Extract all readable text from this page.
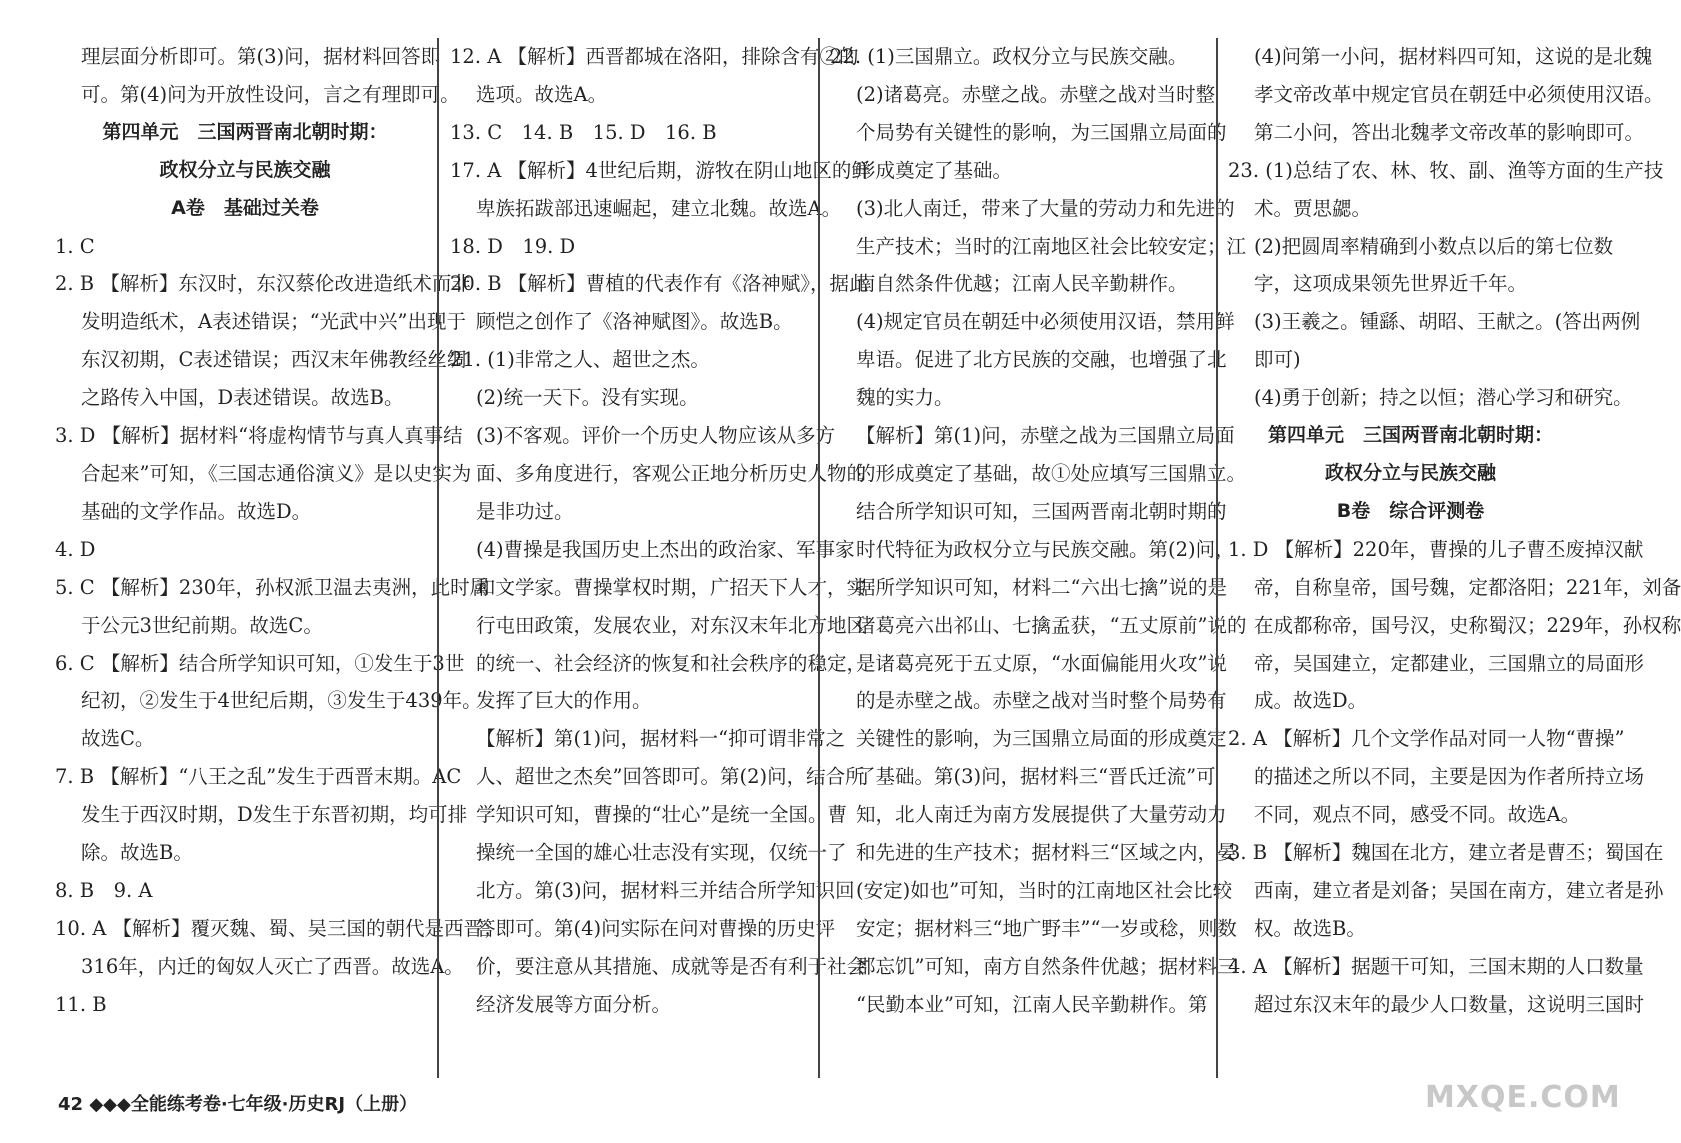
理层面分析即可。第(3)问，据材料回答即
可。第(4)问为开放性设问，言之有理即可。
第四单元　三国两晋南北朝时期：
政权分立与民族交融
A卷　基础过关卷
1. C
2. B 【解析】东汉时，东汉蔡伦改进造纸术而非
发明造纸术，A表述错误；“光武中兴”出现于
东汉初期，C表述错误；西汉末年佛教经丝绸
之路传入中国，D表述错误。故选B。
3. D 【解析】据材料“将虚构情节与真人真事结
合起来”可知，《三国志通俗演义》是以史实为
基础的文学作品。故选D。
4. D
5. C 【解析】230年，孙权派卫温去夷洲，此时属
于公元3世纪前期。故选C。
6. C 【解析】结合所学知识可知，①发生于3世
纪初，②发生于4世纪后期，③发生于439年。
故选C。
7. B 【解析】“八王之乱”发生于西晋末期。AC
发生于西汉时期，D发生于东晋初期，均可排
除。故选B。
8. B　9. A
10. A 【解析】覆灭魏、蜀、吴三国的朝代是西晋；
316年，内迁的匈奴人灭亡了西晋。故选A。
11. B
12. A 【解析】西晋都城在洛阳，排除含有②的
选项。故选A。
13. C　14. B　15. D　16. B
17. A 【解析】4世纪后期，游牧在阴山地区的鲜
卑族拓跋部迅速崛起，建立北魏。故选A。
18. D　19. D
20. B 【解析】曹植的代表作有《洛神赋》，据此
顾恺之创作了《洛神赋图》。故选B。
21. (1)非常之人、超世之杰。
(2)统一天下。没有实现。
(3)不客观。评价一个历史人物应该从多方
面、多角度进行，客观公正地分析历史人物的
是非功过。
(4)曹操是我国历史上杰出的政治家、军事家
和文学家。曹操掌权时期，广招天下人才，实
行屯田政策，发展农业，对东汉末年北方地区
的统一、社会经济的恢复和社会秩序的稳定，
发挥了巨大的作用。
【解析】第(1)问，据材料一“抑可谓非常之
人、超世之杰矣”回答即可。第(2)问，结合所
学知识可知，曹操的“壮心”是统一全国。曹
操统一全国的雄心壮志没有实现，仅统一了
北方。第(3)问，据材料三并结合所学知识回
答即可。第(4)问实际在问对曹操的历史评
价，要注意从其措施、成就等是否有利于社会
经济发展等方面分析。
22. (1)三国鼎立。政权分立与民族交融。
(2)诸葛亮。赤壁之战。赤壁之战对当时整
个局势有关键性的影响，为三国鼎立局面的
形成奠定了基础。
(3)北人南迁，带来了大量的劳动力和先进的
生产技术；当时的江南地区社会比较安定；江
南自然条件优越；江南人民辛勤耕作。
(4)规定官员在朝廷中必须使用汉语，禁用鲜
卑语。促进了北方民族的交融，也增强了北
魏的实力。
【解析】第(1)问，赤壁之战为三国鼎立局面
的形成奠定了基础，故①处应填写三国鼎立。
结合所学知识可知，三国两晋南北朝时期的
时代特征为政权分立与民族交融。第(2)问，
据所学知识可知，材料二“六出七擒”说的是
诸葛亮六出祁山、七擒孟获，“五丈原前”说的
是诸葛亮死于五丈原，“水面偏能用火攻”说
的是赤壁之战。赤壁之战对当时整个局势有
关键性的影响，为三国鼎立局面的形成奠定
了基础。第(3)问，据材料三“晋氏迁流”可
知，北人南迁为南方发展提供了大量劳动力
和先进的生产技术；据材料三“区域之内，晏
(安定)如也”可知，当时的江南地区社会比较
安定；据材料三“地广野丰”“一岁或稔，则数
郡忘饥”可知，南方自然条件优越；据材料三
“民勤本业”可知，江南人民辛勤耕作。第
(4)问第一小问，据材料四可知，这说的是北魏
孝文帝改革中规定官员在朝廷中必须使用汉语。
第二小问，答出北魏孝文帝改革的影响即可。
23. (1)总结了农、林、牧、副、渔等方面的生产技
术。贾思勰。
(2)把圆周率精确到小数点以后的第七位数
字，这项成果领先世界近千年。
(3)王羲之。锺繇、胡昭、王献之。(答出两例
即可)
(4)勇于创新；持之以恒；潜心学习和研究。
第四单元　三国两晋南北朝时期：
政权分立与民族交融
B卷　综合评测卷
1. D 【解析】220年，曹操的儿子曹丕废掉汉献
帝，自称皇帝，国号魏，定都洛阳；221年，刘备
在成都称帝，国号汉，史称蜀汉；229年，孙权称
帝，吴国建立，定都建业，三国鼎立的局面形
成。故选D。
2. A 【解析】几个文学作品对同一人物“曹操”
的描述之所以不同，主要是因为作者所持立场
不同，观点不同，感受不同。故选A。
3. B 【解析】魏国在北方，建立者是曹丕；蜀国在
西南，建立者是刘备；吴国在南方，建立者是孙
权。故选B。
4. A 【解析】据题干可知，三国末期的人口数量
超过东汉末年的最少人口数量，这说明三国时
42 ◆◆◆全能练考卷·七年级·历史RJ（上册）	MXQE.COM
